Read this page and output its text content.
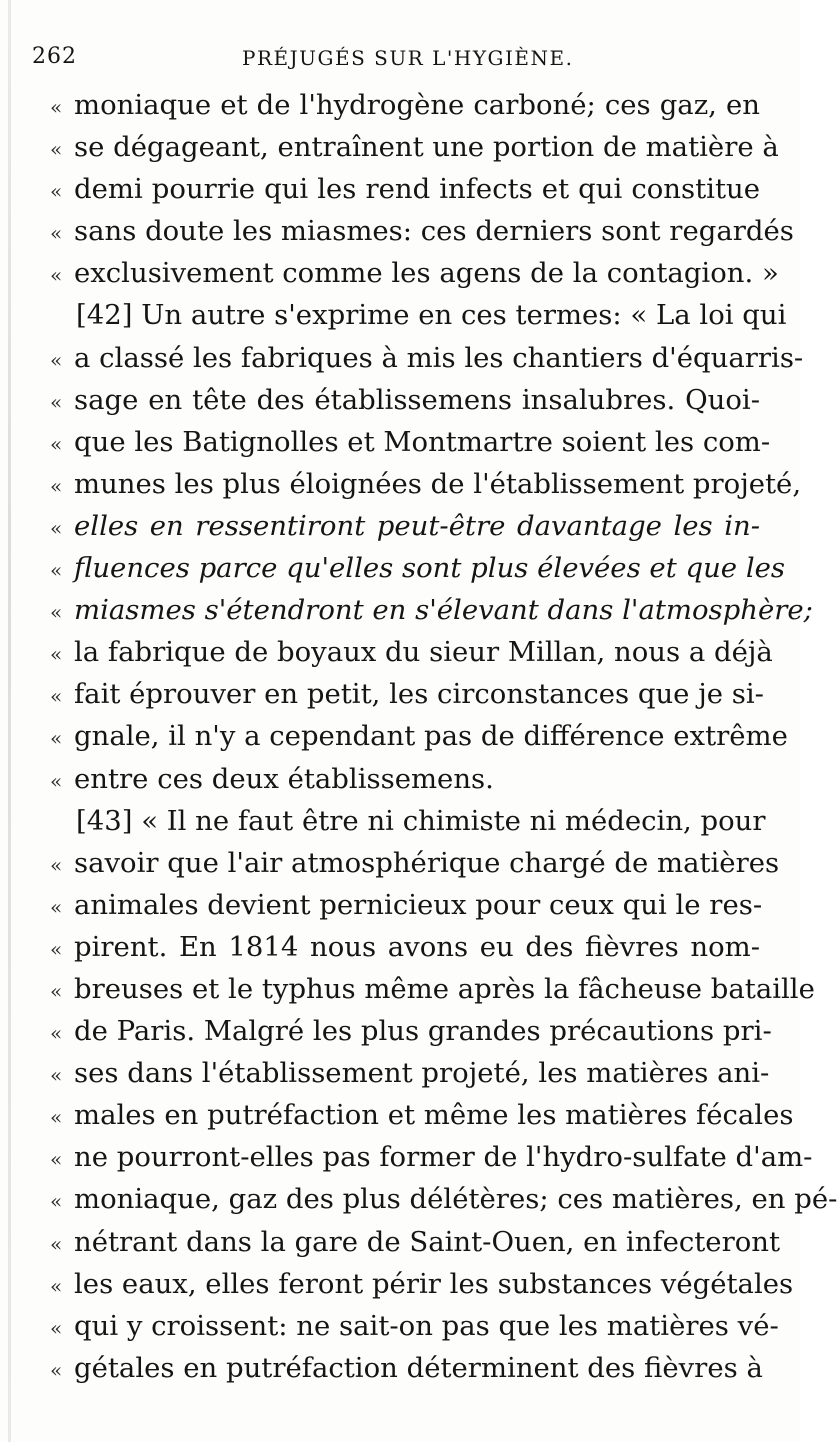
262	PRÉJUGÉS SUR L'HYGIÈNE.
« moniaque et de l'hydrogène carboné; ces gaz, en
« se dégageant, entraînent une portion de matière à
« demi pourrie qui les rend infects et qui constitue
« sans doute les miasmes: ces derniers sont regardés
« exclusivement comme les agens de la contagion. »
[42] Un autre s'exprime en ces termes: « La loi qui
« a classé les fabriques à mis les chantiers d'équarris-
« sage en tête des établissemens insalubres. Quoi-
« que les Batignolles et Montmartre soient les com-
« munes les plus éloignées de l'établissement projeté,
« elles en ressentiront peut-être davantage les in-
« fluences parce qu'elles sont plus élevées et que les
« miasmes s'étendront en s'élevant dans l'atmosphère;
« la fabrique de boyaux du sieur Millan, nous a déjà
« fait éprouver en petit, les circonstances que je si-
« gnale, il n'y a cependant pas de différence extrême
« entre ces deux établissemens.
[43] « Il ne faut être ni chimiste ni médecin, pour
« savoir que l'air atmosphérique chargé de matières
« animales devient pernicieux pour ceux qui le res-
« pirent. En 1814 nous avons eu des fièvres nom-
« breuses et le typhus même après la fâcheuse bataille
« de Paris. Malgré les plus grandes précautions pri-
« ses dans l'établissement projeté, les matières ani-
« males en putréfaction et même les matières fécales
« ne pourront-elles pas former de l'hydro-sulfate d'am-
« moniaque, gaz des plus délétères; ces matières, en pé-
« nétrant dans la gare de Saint-Ouen, en infecteront
« les eaux, elles feront périr les substances végétales
« qui y croissent: ne sait-on pas que les matières vé-
« gétales en putréfaction déterminent des fièvres à
